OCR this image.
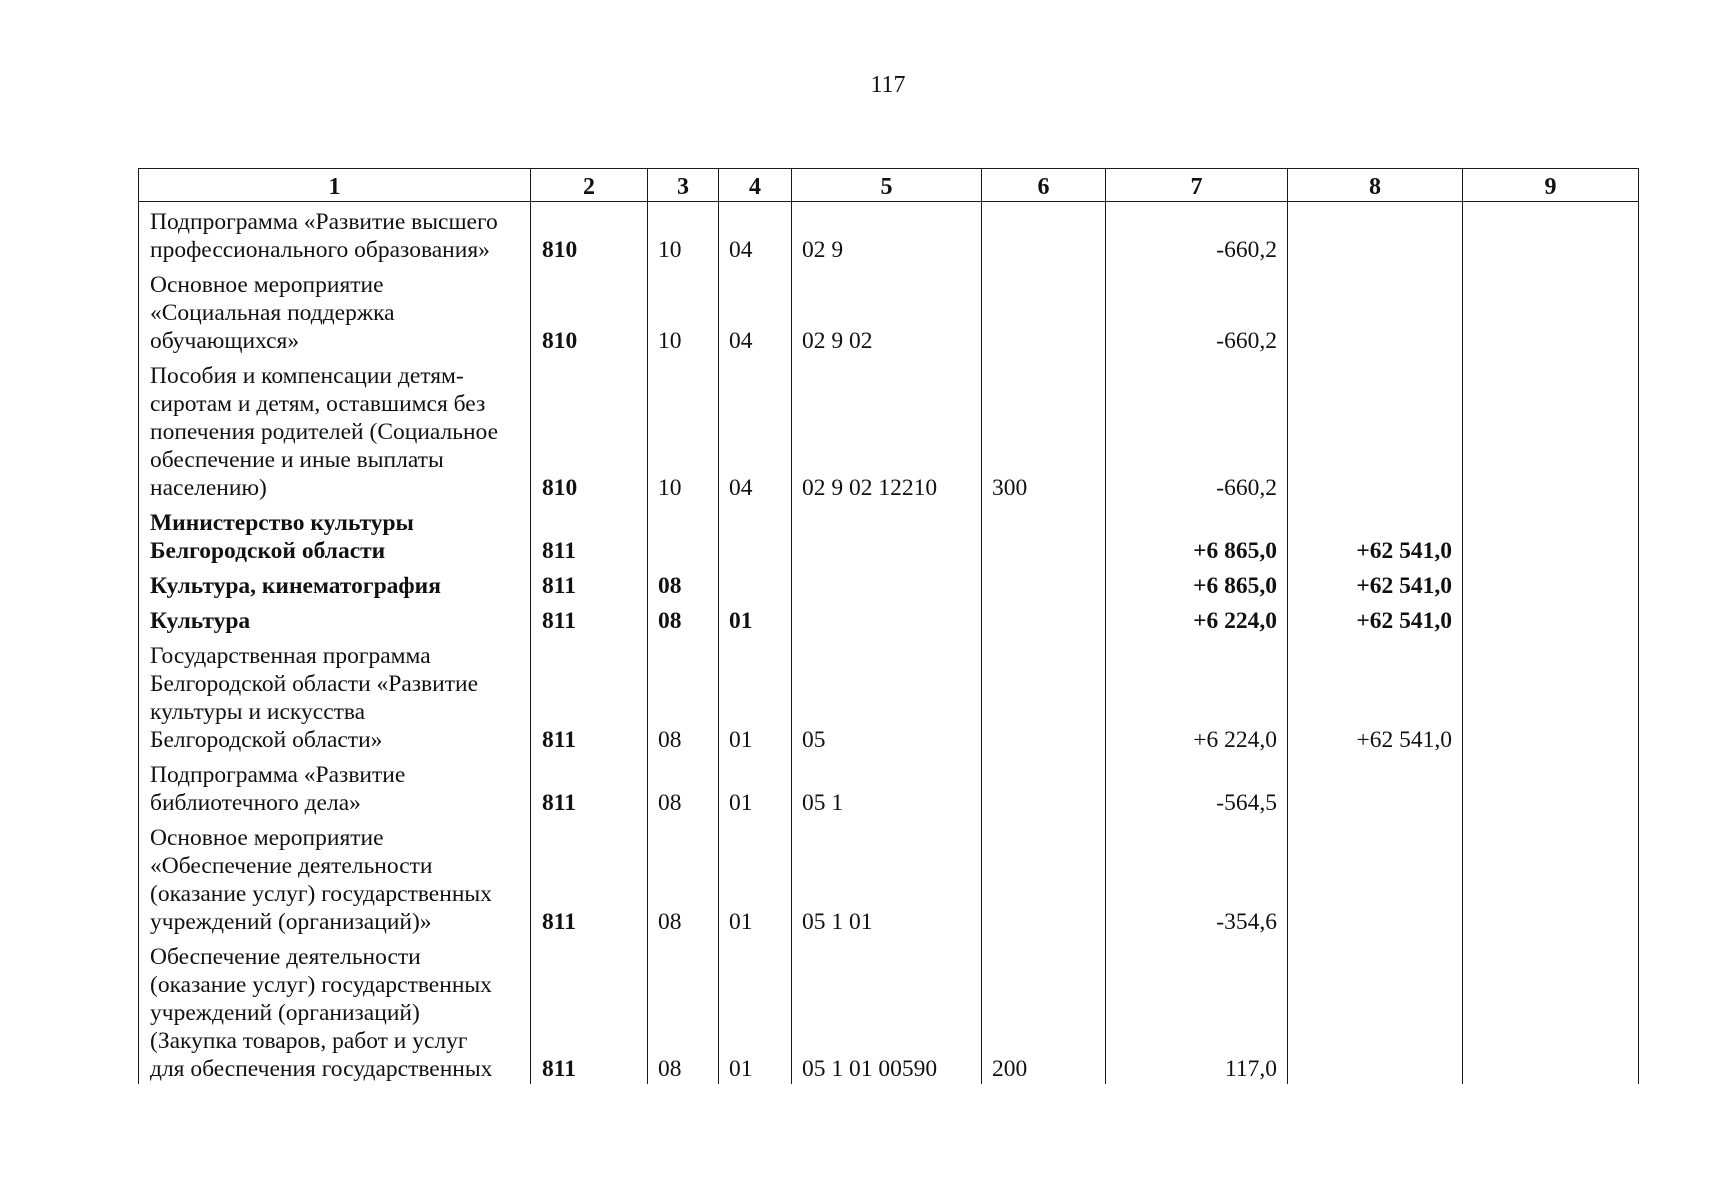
117
1	2	3	4	5	6	7	8	9
Подпрограмма «Развитие высшего
профессионального образования»	810	10	04	02 9		-660,2		
Основное мероприятие
«Социальная поддержка
обучающихся»	810	10	04	02 9 02		-660,2		
Пособия и компенсации детям-
сиротам и детям, оставшимся без
попечения родителей (Социальное
обеспечение и иные выплаты
населению)	810	10	04	02 9 02 12210	300	-660,2		
Министерство культуры
Белгородской области	811					+6 865,0	+62 541,0	
Культура, кинематография	811	08				+6 865,0	+62 541,0	
Культура	811	08	01			+6 224,0	+62 541,0	
Государственная программа
Белгородской области «Развитие
культуры и искусства
Белгородской области»	811	08	01	05		+6 224,0	+62 541,0	
Подпрограмма «Развитие
библиотечного дела»	811	08	01	05 1		-564,5		
Основное мероприятие
«Обеспечение деятельности
(оказание услуг) государственных
учреждений (организаций)»	811	08	01	05 1 01		-354,6		
Обеспечение деятельности
(оказание услуг) государственных
учреждений (организаций)
(Закупка товаров, работ и услуг
для обеспечения государственных	811	08	01	05 1 01 00590	200	117,0		
